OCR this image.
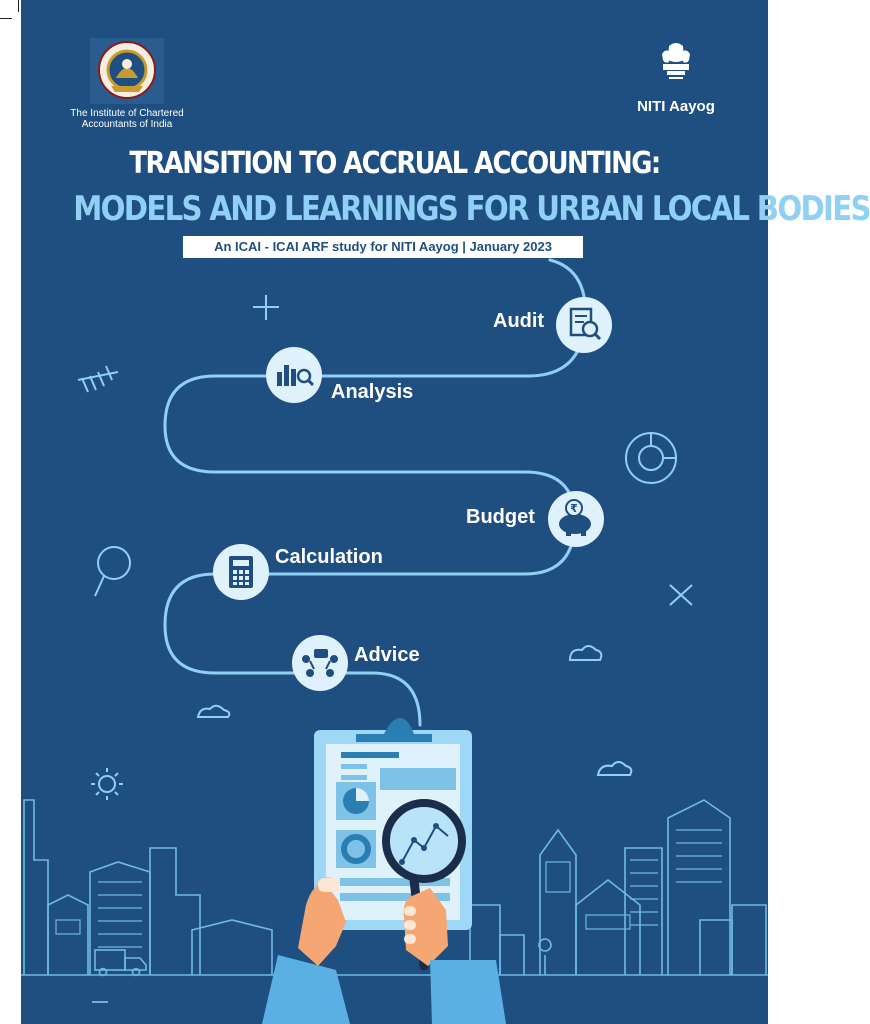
₹
The Institute of Chartered Accountants of India
NITI Aayog
TRANSITION TO ACCRUAL ACCOUNTING:
MODELS AND LEARNINGS FOR URBAN LOCAL BODIES
An ICAI - ICAI ARF study for NITI Aayog | January 2023
Audit
Analysis
Budget
Calculation
Advice
